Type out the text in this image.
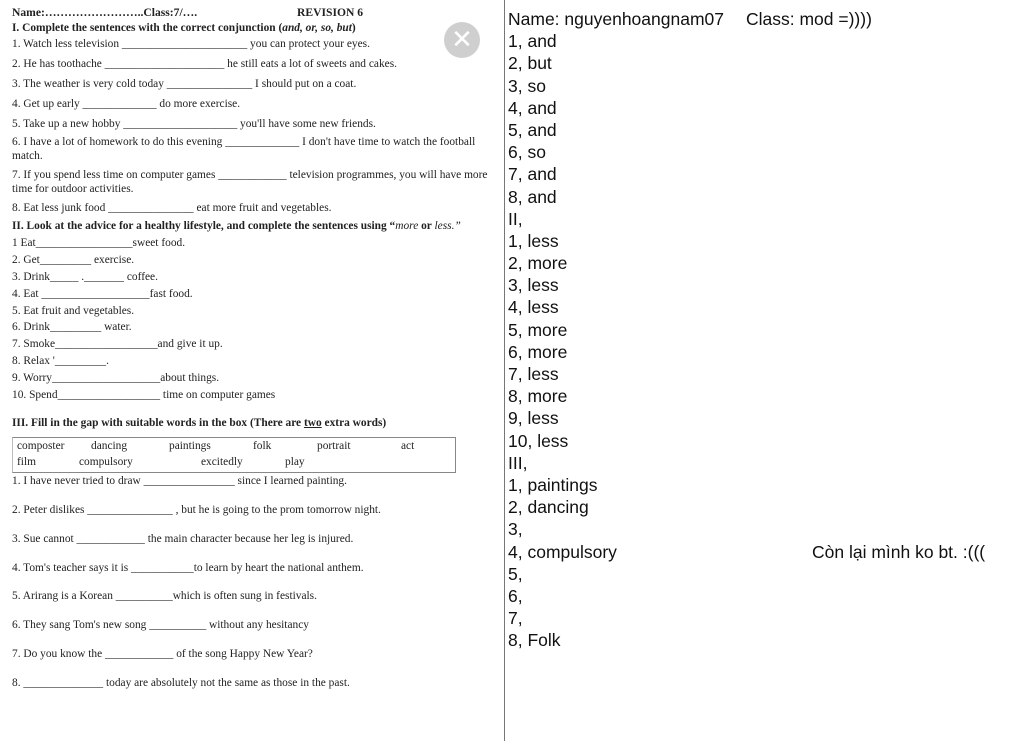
Name:……………………..Class:7/….	REVISION 6
I. Complete the sentences with the correct conjunction (and, or, so, but)
1. Watch less television ______________________ you can protect your eyes.
2. He has toothache _____________________ he still eats a lot of sweets and cakes.
3. The weather is very cold today _______________ I should put on a coat.
4. Get up early _____________ do more exercise.
5. Take up a new hobby ____________________ you'll have some new friends.
6. I have a lot of homework to do this evening _____________ I don't have time to watch the football match.
7. If you spend less time on computer games ____________ television programmes, you will have more time for outdoor activities.
8. Eat less junk food _______________ eat more fruit and vegetables.
II. Look at the advice for a healthy lifestyle, and complete the sentences using “more or less.”
1 Eat_________________sweet food.
2. Get_________ exercise.
3. Drink_____ ._______ coffee.
4. Eat ___________________fast food.
5. Eat fruit and vegetables.
6. Drink_________ water.
7. Smoke__________________and give it up.
8. Relax '_________.
9. Worry___________________about things.
10. Spend__________________ time on computer games
III. Fill in the gap with suitable words in the box (There are two extra words)
composter dancing	paintings	folk	portrait	act
film	compulsory	excitedly	play
1. I have never tried to draw ________________ since I learned painting.
2. Peter dislikes _______________ , but he is going to the prom tomorrow night.
3. Sue cannot ____________ the main character because her leg is injured.
4. Tom's teacher says it is ___________to learn by heart the national anthem.
5. Arirang is a Korean __________which is often sung in festivals.
6. They sang Tom's new song __________ without any hesitancy
7. Do you know the ____________ of the song Happy New Year?
8. ______________ today are absolutely not the same as those in the past.
✕
Name: nguyenhoangnam07 Class: mod =))))
1, and
2, but
3, so
4, and
5, and
6, so
7, and
8, and
II,
1, less
2, more
3, less
4, less
5, more
6, more
7, less
8, more
9, less
10, less
III,
1, paintings
2, dancing
3,
4, compulsory
5,
6,
7,
8, Folk
Còn lại mình ko bt. :(((
